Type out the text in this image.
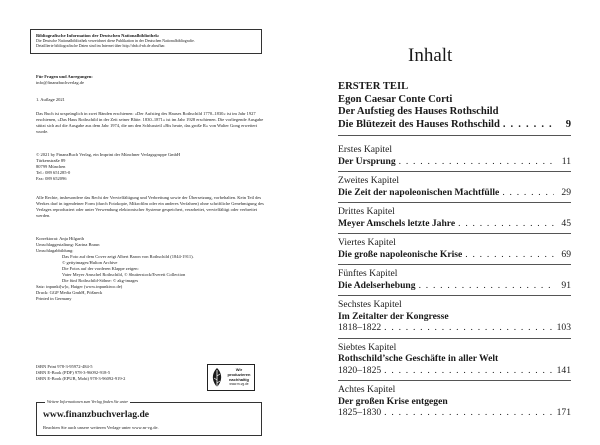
Bibliografische Information der Deutschen Nationalbibliothek:
Die Deutsche Nationalbibliothek verzeichnet diese Publikation in der Deutschen Nationalbibliografie.
Detaillierte bibliografische Daten sind im Internet über http://dnb.d-nb.de abrufbar.

Für Fragen und Anregungen:

info@finanzbuchverlag.de

1. Auflage 2021

Das Buch ist ursprünglich in zwei Bänden erschienen: »Der Aufstieg des Hauses Rothschild 1770–1830« ist im Jahr 1927 erschienen, »Das Haus Rothschild in der Zeit seiner Blüte. 1830–1871« ist im Jahr 1928 erschienen. Die vorliegende Ausgabe stützt sich auf die Ausgabe aus dem Jahr 1974, die um den Schlussteil »Bis heute, das große R« von Walter Gong erweitert wurde.

© 2021 by FinanzBuch Verlag, ein Imprint der Münchner Verlagsgruppe GmbH

Türkenstraße 89

80799 München

Tel.: 089 651285-0

Fax: 089 652096

Alle Rechte, insbesondere das Recht der Vervielfältigung und Verbreitung sowie der Übersetzung, vorbehalten. Kein Teil des Werkes darf in irgendeiner Form (durch Fotokopie, Mikrofilm oder ein anderes Verfahren) ohne schriftliche Genehmigung des Verlages reproduziert oder unter Verwendung elektronischer Systeme gespeichert, verarbeitet, vervielfältigt oder verbreitet werden.

Korrektorat: Anja Hilgarth

Umschlaggestaltung: Karina Braun

Umschlagabbildung:

Das Foto auf dem Cover zeigt Albert Baron von Rothschild (1844-1911).

© gettyimages/Hulton Archive

Die Fotos auf der vorderen Klappe zeigen:

Vater Meyer Amschel Rothschild, © Shutterstock/Everett Collection

Die fünf Rothschild-Söhne: © akg-images

Satz: inpunkt[w]o, Haiger (www.inpunktwo.de)

Druck: GGP Media GmbH, Pößneck

Printed in Germany

ISBN Print 978-3-95972-484-5

ISBN E-Book (PDF) 978-3-96092-918-5

ISBN E-Book (EPUB, Mobi) 978-3-96092-919-2

Wir produzieren
nachhaltig
www.m-vg.de
Weitere Informationen zum Verlag finden Sie unter
www.finanzbuchverlag.de
Beachten Sie auch unsere weiteren Verlage unter www.m-vg.de.
Inhalt
ERSTER TEIL
Egon Caesar Conte Corti
Der Aufstieg des Hauses Rothschild
Die Blütezeit des Hauses Rothschild . . .	9
Erstes Kapitel
Der Ursprung . . .	11
Zweites Kapitel
Die Zeit der napoleonischen Machtfülle . . .	29
Drittes Kapitel
Meyer Amschels letzte Jahre . . .	45
Viertes Kapitel
Die große napoleonische Krise . . .	69
Fünftes Kapitel
Die Adelserhebung . . .	91
Sechstes Kapitel
Im Zeitalter der Kongresse
1818–1822 . . .	103
Siebtes Kapitel
Rothschild’sche Geschäfte in aller Welt
1820–1825 . . .	141
Achtes Kapitel
Der großen Krise entgegen
1825–1830 . . .	171
